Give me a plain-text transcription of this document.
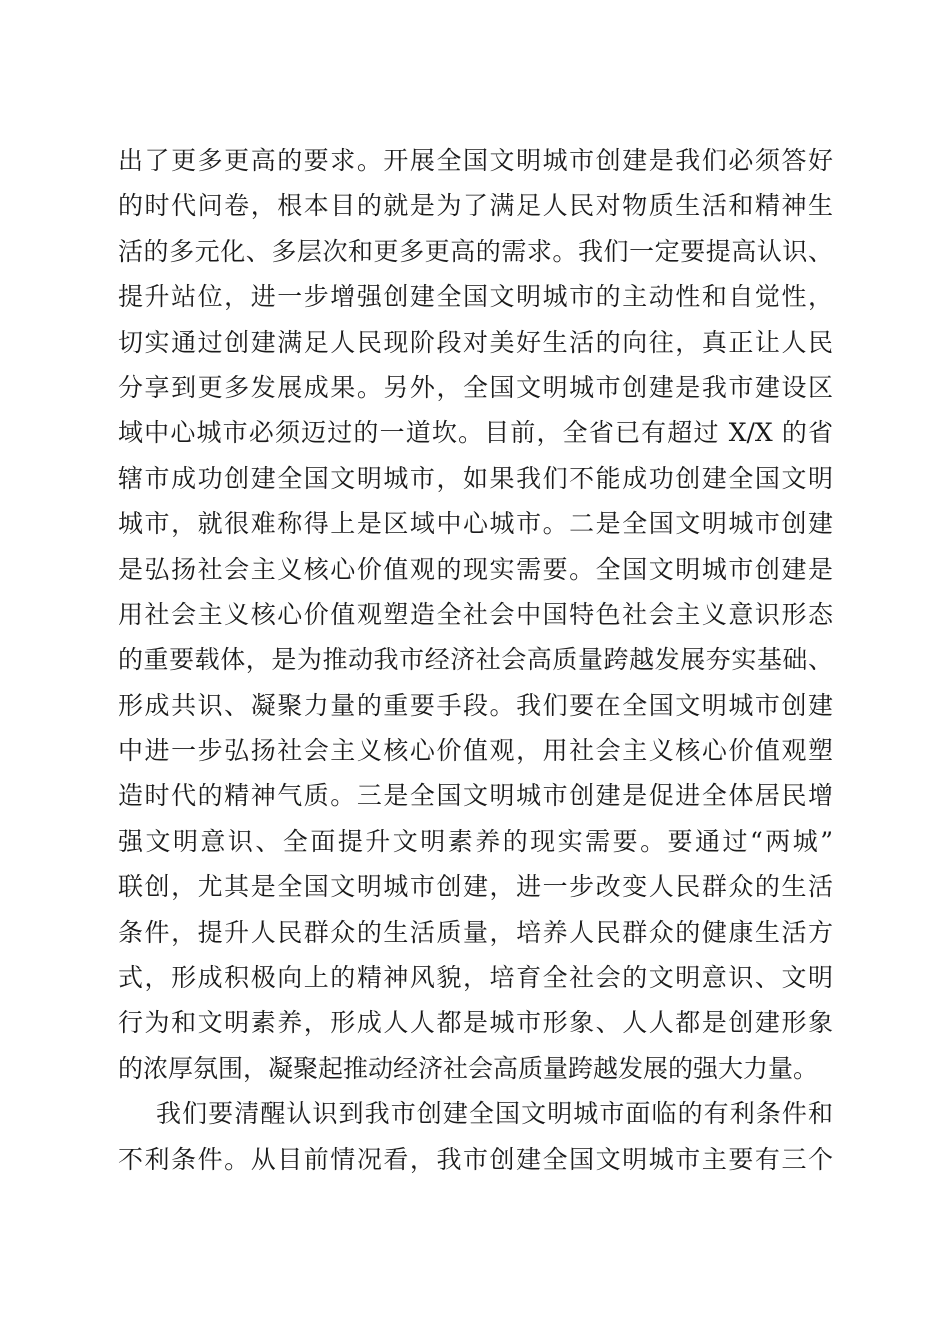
出了更多更高的要求。开展全国文明城市创建是我们必须答好
的时代问卷，根本目的就是为了满足人民对物质生活和精神生
活的多元化、多层次和更多更高的需求。我们一定要提高认识、
提升站位，进一步增强创建全国文明城市的主动性和自觉性，
切实通过创建满足人民现阶段对美好生活的向往，真正让人民
分享到更多发展成果。另外，全国文明城市创建是我市建设区
域中心城市必须迈过的一道坎。目前，全省已有超过 X/X 的省
辖市成功创建全国文明城市，如果我们不能成功创建全国文明
城市，就很难称得上是区域中心城市。二是全国文明城市创建
是弘扬社会主义核心价值观的现实需要。全国文明城市创建是
用社会主义核心价值观塑造全社会中国特色社会主义意识形态
的重要载体，是为推动我市经济社会高质量跨越发展夯实基础、
形成共识、凝聚力量的重要手段。我们要在全国文明城市创建
中进一步弘扬社会主义核心价值观，用社会主义核心价值观塑
造时代的精神气质。三是全国文明城市创建是促进全体居民增
强文明意识、全面提升文明素养的现实需要。要通过“两城”
联创，尤其是全国文明城市创建，进一步改变人民群众的生活
条件，提升人民群众的生活质量，培养人民群众的健康生活方
式，形成积极向上的精神风貌，培育全社会的文明意识、文明
行为和文明素养，形成人人都是城市形象、人人都是创建形象
的浓厚氛围，凝聚起推动经济社会高质量跨越发展的强大力量。
我们要清醒认识到我市创建全国文明城市面临的有利条件和
不利条件。从目前情况看，我市创建全国文明城市主要有三个
